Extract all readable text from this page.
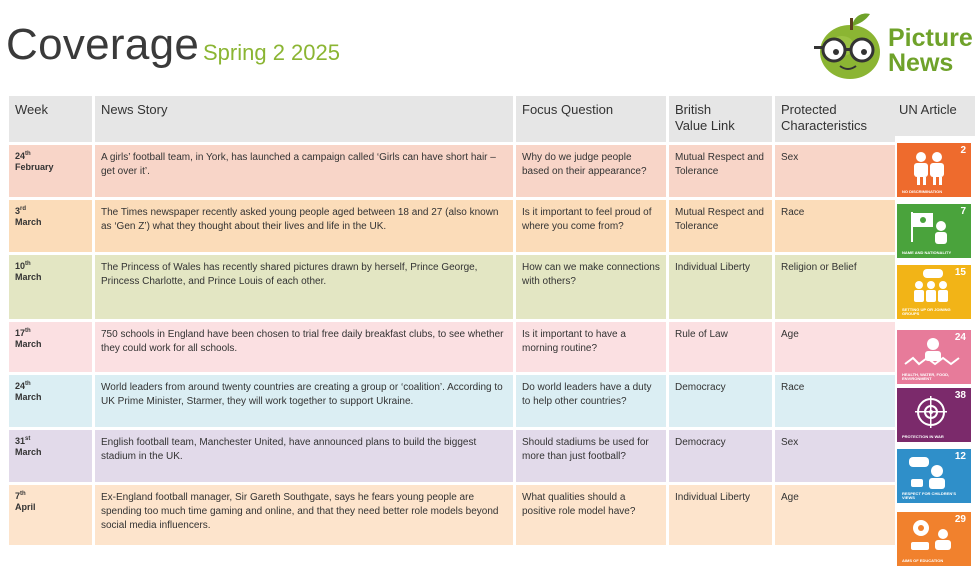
Coverage Spring 2 2025
Picture
News
Week	News Story	Focus Question	British Value Link	Protected Characteristics
24th
February	A girls’ football team, in York, has launched a campaign called ‘Girls can have short hair – get over it’.	Why do we judge people based on their appearance?	Mutual Respect and Tolerance	Sex
3rd
March	The Times newspaper recently asked young people aged between 18 and 27 (also known as ‘Gen Z’) what they thought about their lives and life in the UK.	Is it important to feel proud of where you come from?	Mutual Respect and Tolerance	Race
10th
March	The Princess of Wales has recently shared pictures drawn by herself, Prince George, Princess Charlotte, and Prince Louis of each other.	How can we make connections with others?	Individual Liberty	Religion or Belief
17th
March	750 schools in England have been chosen to trial free daily breakfast clubs, to see whether they could work for all schools.	Is it important to have a morning routine?	Rule of Law	Age
24th
March	World leaders from around twenty countries are creating a group or ‘coalition’. According to UK Prime Minister, Starmer, they will work together to support Ukraine.	Do world leaders have a duty to help other countries?	Democracy	Race
31st
March	English football team, Manchester United, have announced plans to build the biggest stadium in the UK.	Should stadiums be used for more than just football?	Democracy	Sex
7th
April	Ex-England football manager, Sir Gareth Southgate, says he fears young people are spending too much time gaming and online, and that they need better role models beyond social media influencers.	What qualities should a positive role model have?	Individual Liberty	Age
UN Article
2
NO DISCRIMINATION
7
NAME AND NATIONALITY
15
SETTING UP OR JOINING GROUPS
24
HEALTH, WATER, FOOD, ENVIRONMENT
38
PROTECTION IN WAR
12
RESPECT FOR CHILDREN’S VIEWS
29
AIMS OF EDUCATION
